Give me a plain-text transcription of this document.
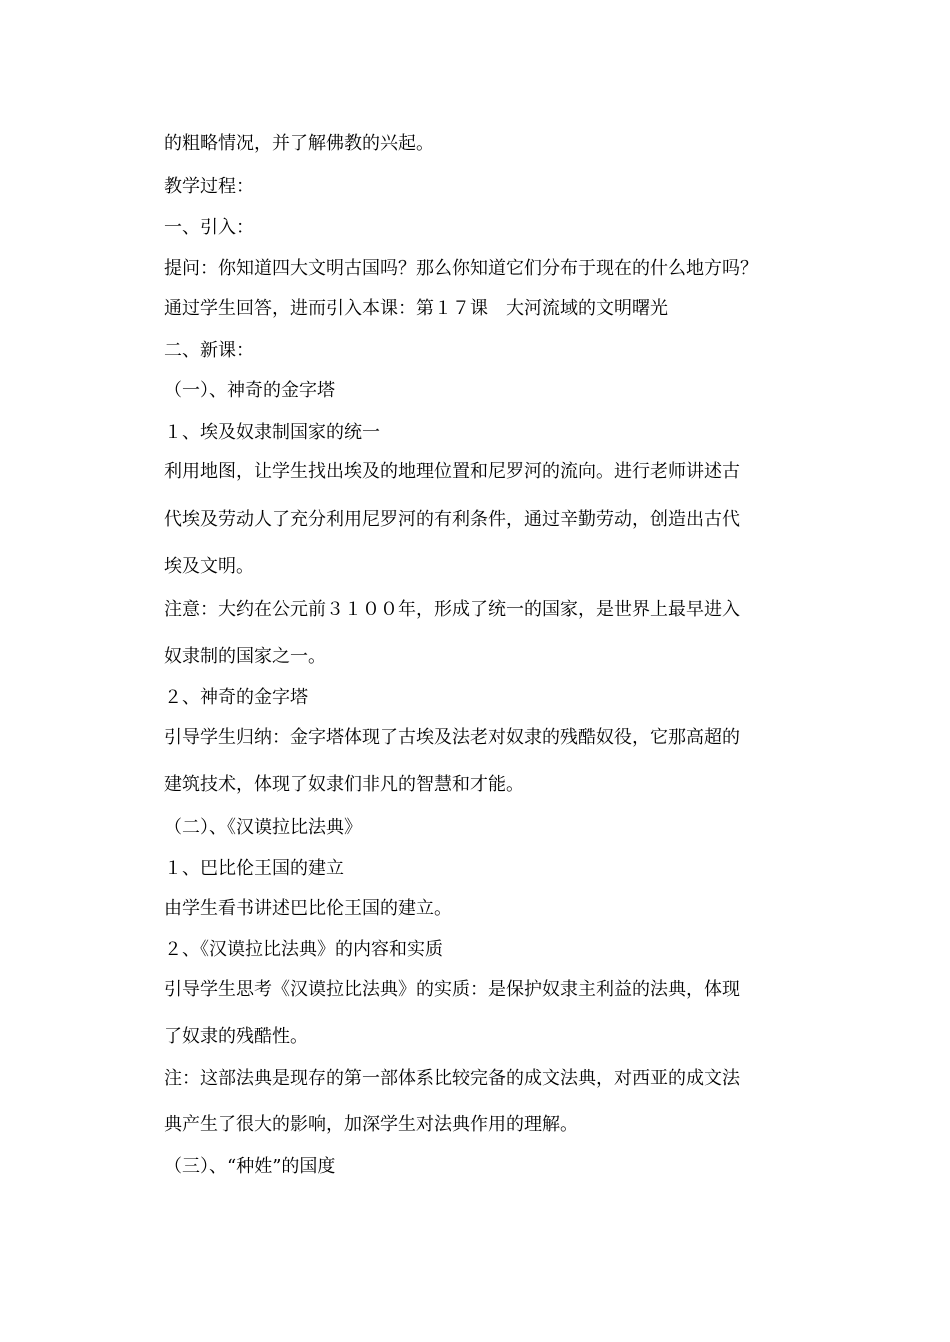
的粗略情况，并了解佛教的兴起。
教学过程：
一、引入：
提问：你知道四大文明古国吗？那么你知道它们分布于现在的什么地方吗？
通过学生回答，进而引入本课：第１７课　大河流域的文明曙光
二、新课：
（一）、神奇的金字塔
１、埃及奴隶制国家的统一
利用地图，让学生找出埃及的地理位置和尼罗河的流向。进行老师讲述古
代埃及劳动人了充分利用尼罗河的有利条件，通过辛勤劳动，创造出古代
埃及文明。
注意：大约在公元前３１００年，形成了统一的国家，是世界上最早进入
奴隶制的国家之一。
２、神奇的金字塔
引导学生归纳：金字塔体现了古埃及法老对奴隶的残酷奴役，它那高超的
建筑技术，体现了奴隶们非凡的智慧和才能。
（二）、《汉谟拉比法典》
１、巴比伦王国的建立
由学生看书讲述巴比伦王国的建立。
２、《汉谟拉比法典》的内容和实质
引导学生思考《汉谟拉比法典》的实质：是保护奴隶主利益的法典，体现
了奴隶的残酷性。
注：这部法典是现存的第一部体系比较完备的成文法典，对西亚的成文法
典产生了很大的影响，加深学生对法典作用的理解。
（三）、“种姓”的国度
